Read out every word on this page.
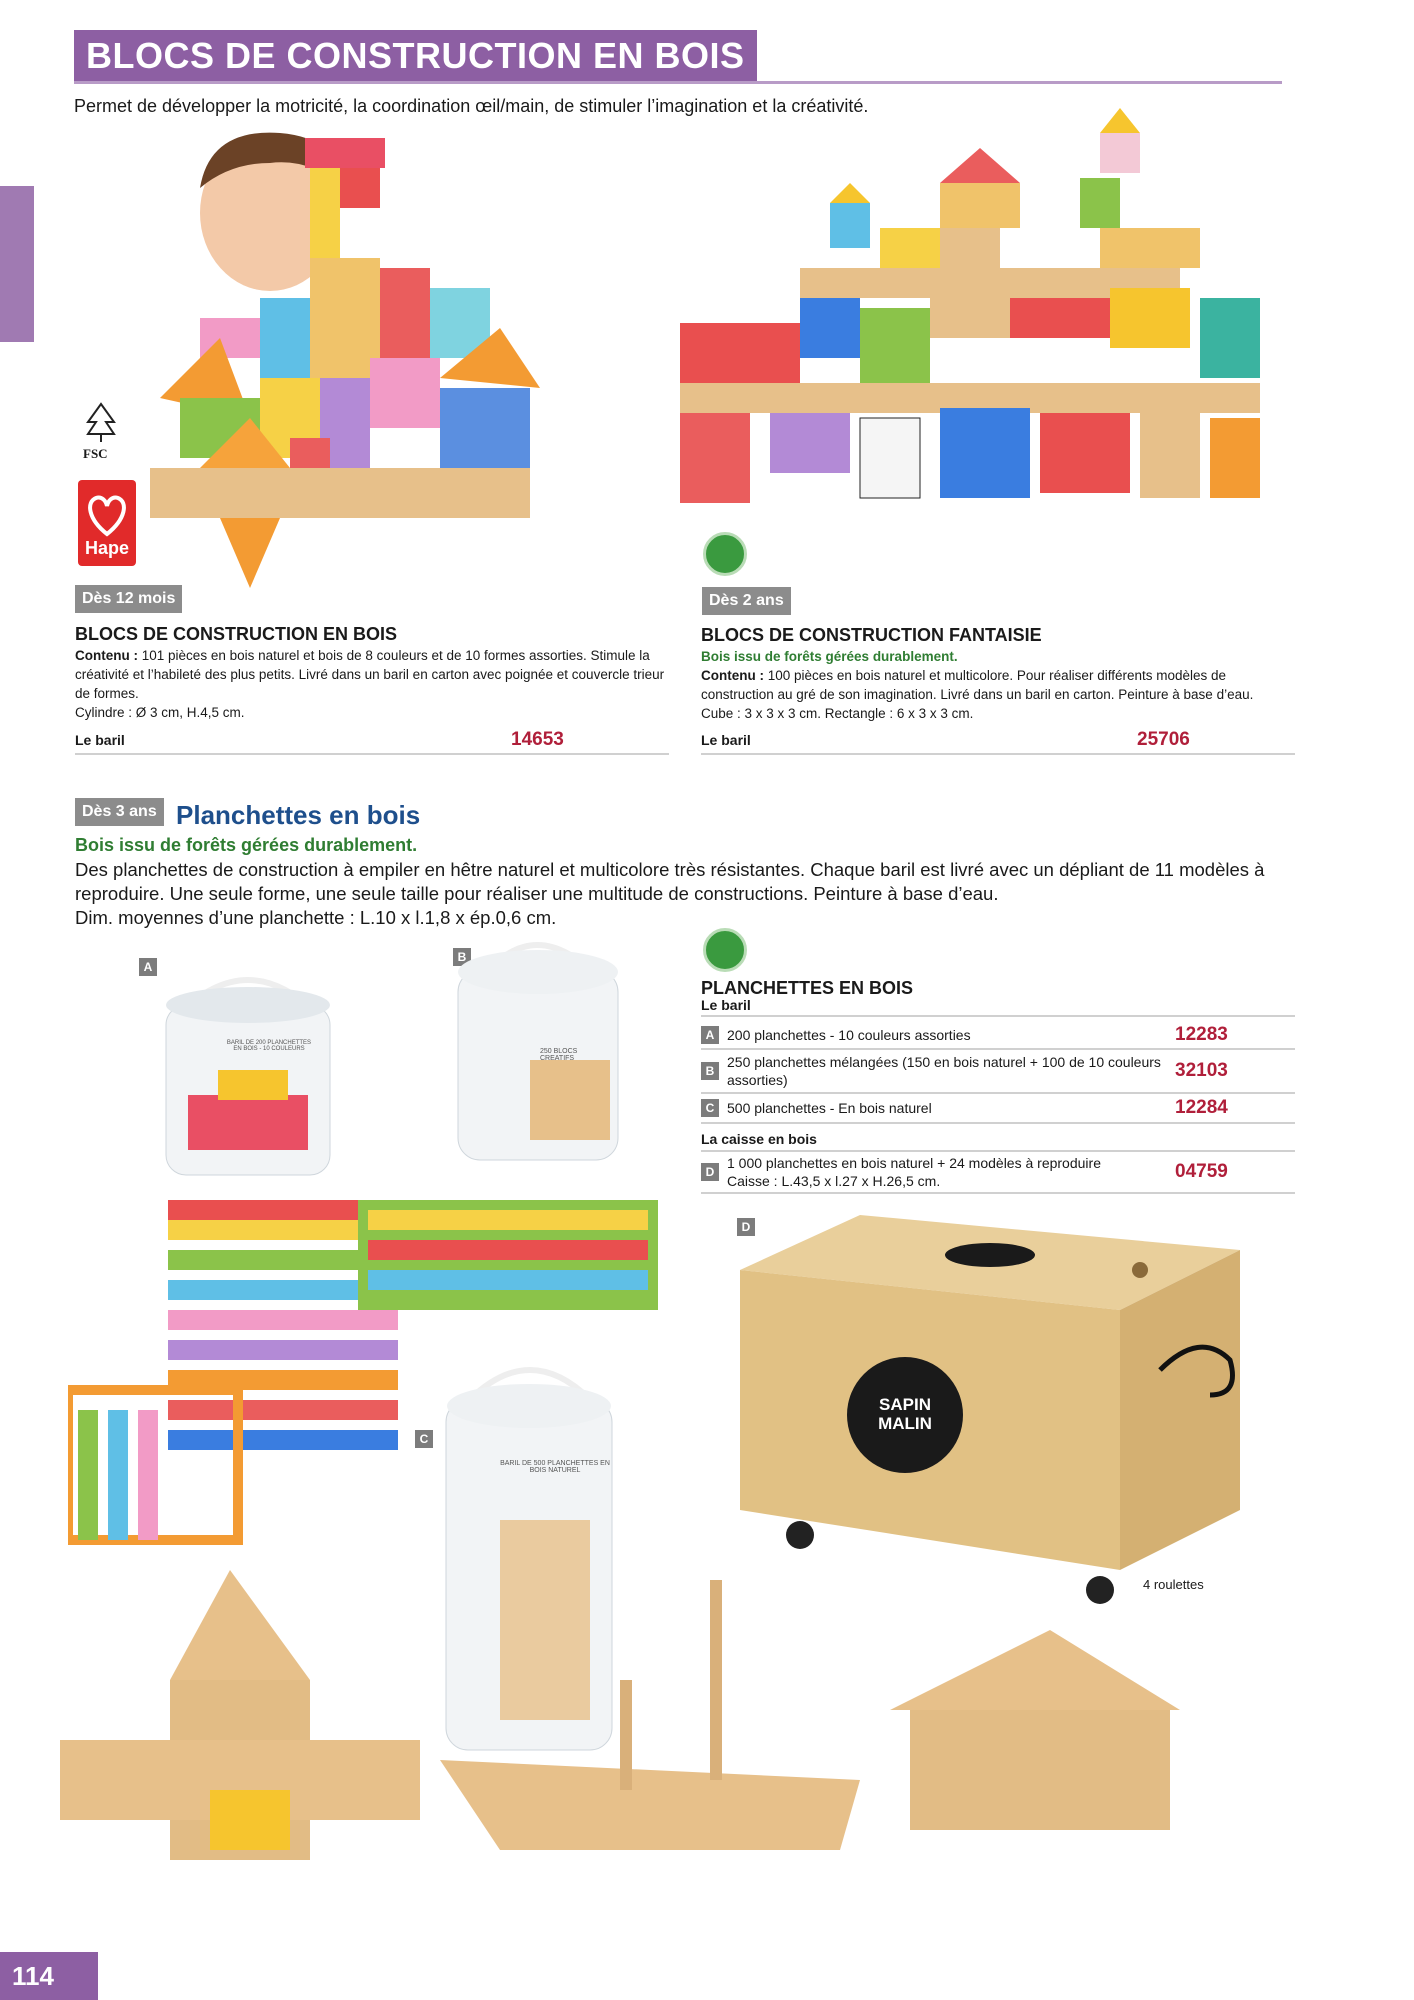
BLOCS DE CONSTRUCTION EN BOIS
Permet de développer la motricité, la coordination œil/main, de stimuler l’imagination et la créativité.
FSC
Hape
Dès 12 mois
BLOCS DE CONSTRUCTION EN BOIS
Contenu : 101 pièces en bois naturel et bois de 8 couleurs et de 10 formes assorties. Stimule la créativité et l’habileté des plus petits. Livré dans un baril en carton avec poignée et couvercle trieur de formes.
Cylindre : Ø 3 cm, H.4,5 cm.
Le baril	14653
Dès 2 ans
BLOCS DE CONSTRUCTION FANTAISIE
Bois issu de forêts gérées durablement.
Contenu : 100 pièces en bois naturel et multicolore. Pour réaliser différents modèles de construction au gré de son imagination. Livré dans un baril en carton. Peinture à base d’eau.
Cube : 3 x 3 x 3 cm. Rectangle : 6 x 3 x 3 cm.
Le baril	25706
Dès 3 ans Planchettes en bois
Bois issu de forêts gérées durablement.
Des planchettes de construction à empiler en hêtre naturel et multicolore très résistantes. Chaque baril est livré avec un dépliant de 11 modèles à reproduire. Une seule forme, une seule taille pour réaliser une multitude de constructions. Peinture à base d’eau.
Dim. moyennes d’une planchette : L.10 x l.1,8 x ép.0,6 cm.
A
BARIL DE 200 PLANCHETTES EN BOIS - 10 COULEURS
B
250 BLOCS CREATIFS
C
BARIL DE 500 PLANCHETTES EN BOIS NATUREL
PLANCHETTES EN BOIS
Le baril
A 200 planchettes - 10 couleurs assorties	12283
B
250 planchettes mélangées (150 en bois naturel + 100 de 10 couleurs assorties)	32103
C 500 planchettes - En bois naturel	12284
La caisse en bois
D
1 000 planchettes en bois naturel + 24 modèles à reproduire
Caisse : L.43,5 x l.27 x H.26,5 cm.	04759
D
SAPIN MALIN
4 roulettes
114
